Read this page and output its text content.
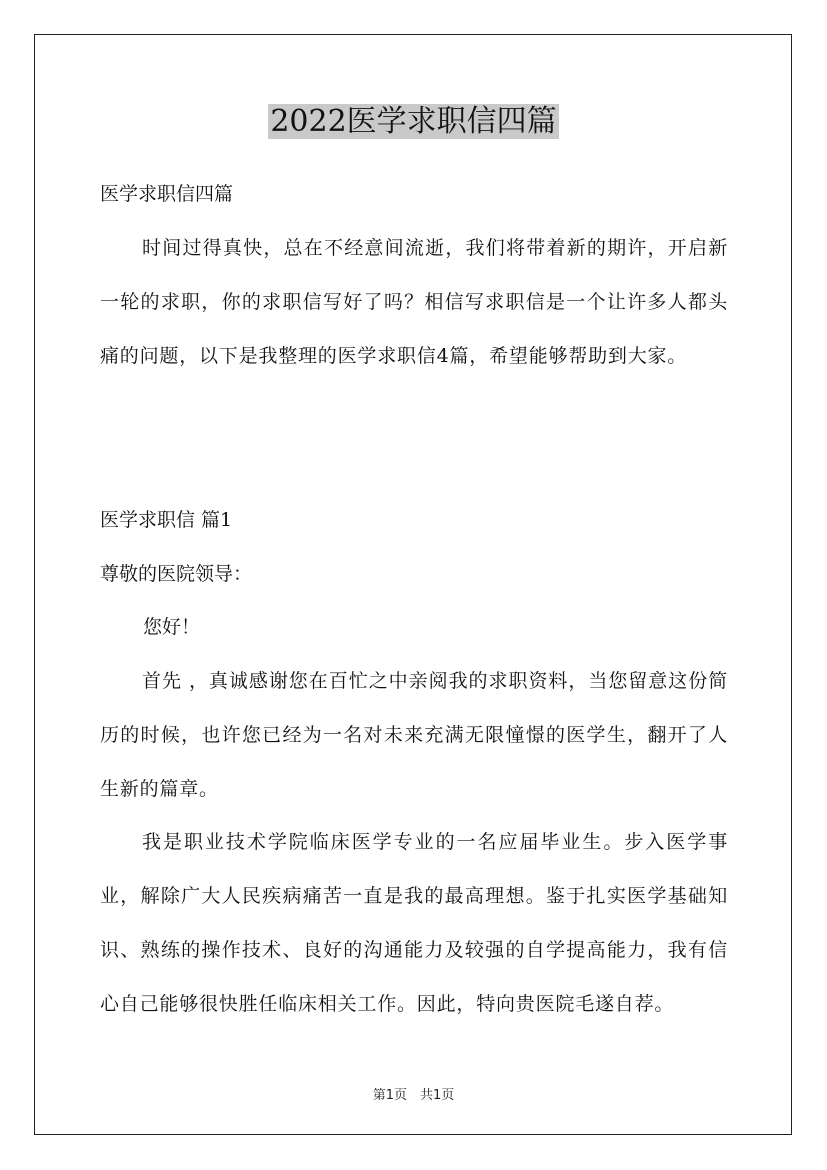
2022医学求职信四篇
医学求职信四篇
时间过得真快，总在不经意间流逝，我们将带着新的期许，开启新一轮的求职，你的求职信写好了吗？相信写求职信是一个让许多人都头痛的问题，以下是我整理的医学求职信4篇，希望能够帮助到大家。
医学求职信 篇1
尊敬的医院领导：
您好！
首先 ，真诚感谢您在百忙之中亲阅我的求职资料，当您留意这份简历的时候，也许您已经为一名对未来充满无限憧憬的医学生，翻开了人生新的篇章。
我是职业技术学院临床医学专业的一名应届毕业生。步入医学事业，解除广大人民疾病痛苦一直是我的最高理想。鉴于扎实医学基础知识、熟练的操作技术、良好的沟通能力及较强的自学提高能力，我有信心自己能够很快胜任临床相关工作。因此，特向贵医院毛遂自荐。
第1页　共1页
